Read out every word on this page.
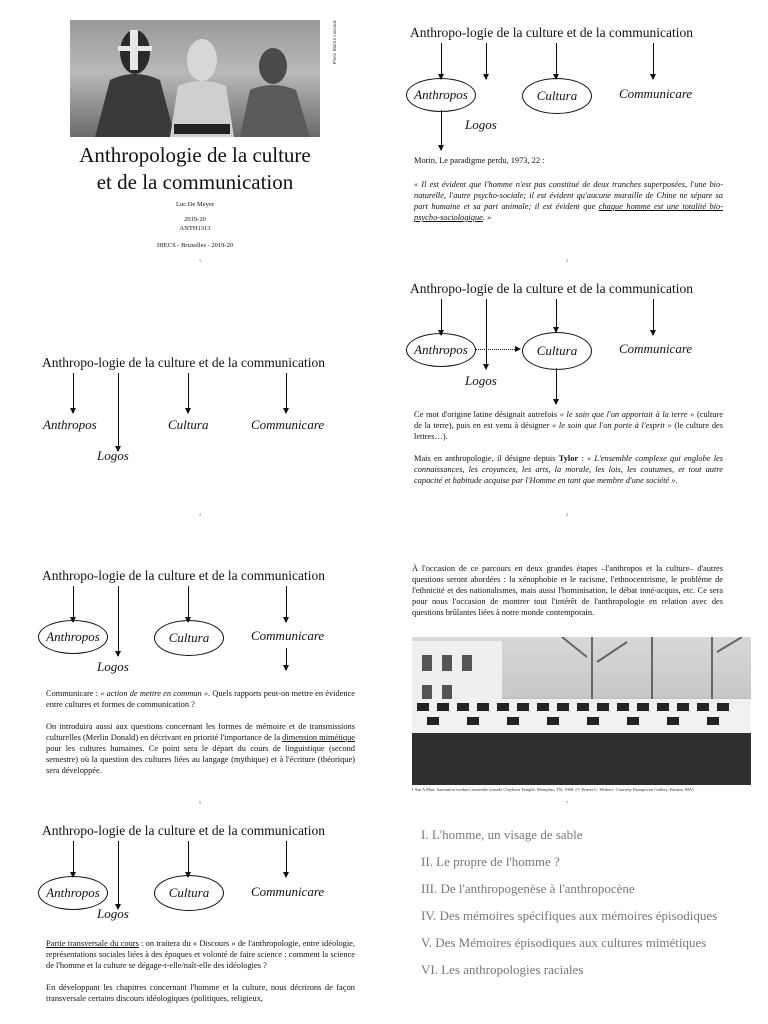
Photo Martin Gusinde
Anthropologie de la culture
et de la communication
Luc De Meyer
2019-20
ANTH1313
IHECS - Bruxelles - 2019-20
1
Anthropo-logie de la culture et de la communication
Anthropos	Cultura	Communicare
Logos
Morin, Le paradigme perdu, 1973, 22 :
« Il est évident que l'homme n'est pas constitué de deux tranches superposées, l'une bio-naturelle, l'autre psycho-sociale; il est évident qu'aucune muraille de Chine ne sépare sa part humaine et sa part animale; il est évident que chaque homme est une totalité bio-psycho-sociologique. »
3
Anthropo-logie de la culture et de la communication
Anthropos	Cultura	Communicare
Logos
2
Anthropo-logie de la culture et de la communication
Anthropos	Cultura	Communicare
Logos

Ce mot d'origine latine désignait autrefois « le soin que l'on apportait à la terre » (culture de la terre), puis en est venu à désigner « le soin que l'on porte à l'esprit » (le culture des lettres…).

Mais en anthropologie, il désigne depuis Tylor : « L'ensemble complexe qui englobe les connaissances, les croyances, les arts, la morale, les lois, les coutumes, et tout autre capacité et habitude acquise par l'Homme en tant que membre d'une société ».

4
Anthropo-logie de la culture et de la communication
Anthropos	Cultura	Communicare
Logos

Communicare : « action de mettre en commun ». Quels rapports peut-on mettre en évidence entre cultures et formes de communication ?

On introduira aussi aux questions concernant les formes de mémoire et de transmissions culturelles (Merlin Donald) en décrivant en priorité l'importance de la dimension mimétique pour les cultures humaines. Ce point sera le départ du cours de linguistique (second semestre) où la question des cultures liées au langage (mythique) et à l'écriture (théorique) sera développée.

5
À l'occasion de ce parcours en deux grandes étapes –l'anthropos et la culture– d'autres questions seront abordées : la xénophobie et le racisme, l'ethnocentrisme, le problème de l'ethnicité et des nationalismes, mais aussi l'hominisation, le débat inné-acquis, etc. Ce sera pour nous l'occasion de montrer tout l'intérêt de l'anthropologie en relation avec des questions brûlantes liées à notre monde contemporain.
I Am A Man. Sanitation workers assemble outside Clayborn Temple, Memphis, TN, 1968. (© Ernest C. Withers. Courtesy Panopticon Gallery, Boston, MA)
7
Anthropo-logie de la culture et de la communication
Anthropos	Cultura	Communicare
Logos

Partie transversale du cours : on traitera du « Discours » de l'anthropologie, entre idéologie, représentations sociales liées à des époques et volonté de faire science : comment la science de l'homme et la culture se dégage-t-elle/naît-elle des idéologies ?

En développant les chapitres concernant l'homme et la culture, nous décrirons de façon transversale certains discours idéologiques (politiques, religieux,

I. L'homme, un visage de sable
II. Le propre de l'homme ?
III. De l'anthropogenèse à l'anthropocène
IV. Des mémoires spécifiques aux mémoires épisodiques
V. Des Mémoires épisodiques aux cultures mimétiques
VI. Les anthropologies raciales
